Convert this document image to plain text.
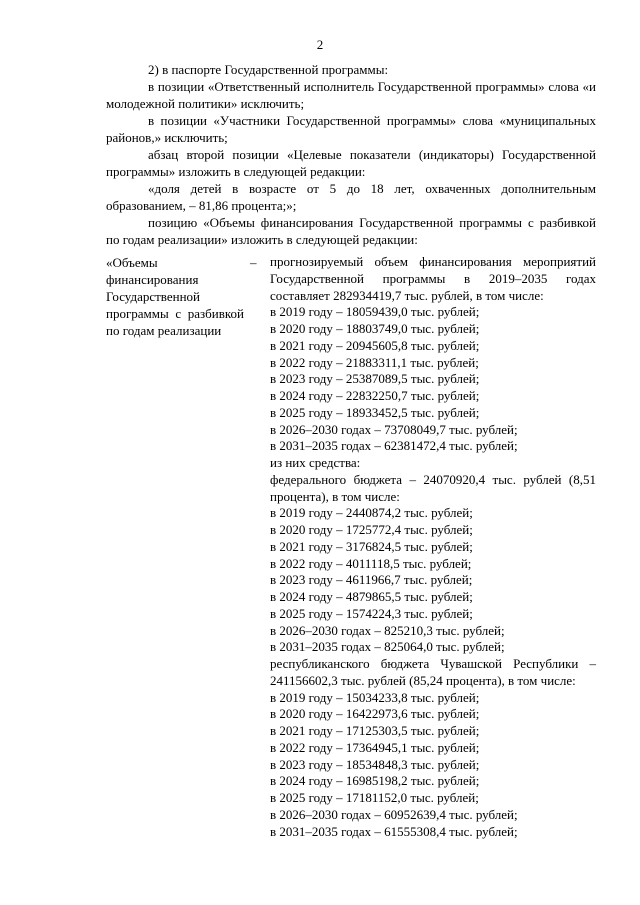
2

2) в паспорте Государственной программы:

в позиции «Ответственный исполнитель Государственной программы» слова «и молодежной политики» исключить;

в позиции «Участники Государственной программы» слова «муниципальных районов,» исключить;

абзац второй позиции «Целевые показатели (индикаторы) Государственной программы» изложить в следующей редакции:

«доля детей в возрасте от 5 до 18 лет, охваченных дополнительным образованием, – 81,86 процента;»;

позицию «Объемы финансирования Государственной программы с разбивкой по годам реализации» изложить в следующей редакции:

«Объемы финансирования Государственной программы с разбивкой по годам реализации
– прогнозируемый объем финансирования мероприятий Государственной программы в 2019–2035 годах составляет 282934419,7 тыс. рублей, в том числе:

в 2019 году – 18059439,0 тыс. рублей;

в 2020 году – 18803749,0 тыс. рублей;

в 2021 году – 20945605,8 тыс. рублей;

в 2022 году – 21883311,1 тыс. рублей;

в 2023 году – 25387089,5 тыс. рублей;

в 2024 году – 22832250,7 тыс. рублей;

в 2025 году – 18933452,5 тыс. рублей;

в 2026–2030 годах – 73708049,7 тыс. рублей;

в 2031–2035 годах – 62381472,4 тыс. рублей;

из них средства:

федерального бюджета – 24070920,4 тыс. рублей (8,51 процента), в том числе:

в 2019 году – 2440874,2 тыс. рублей;

в 2020 году – 1725772,4 тыс. рублей;

в 2021 году – 3176824,5 тыс. рублей;

в 2022 году – 4011118,5 тыс. рублей;

в 2023 году – 4611966,7 тыс. рублей;

в 2024 году – 4879865,5 тыс. рублей;

в 2025 году – 1574224,3 тыс. рублей;

в 2026–2030 годах – 825210,3 тыс. рублей;

в 2031–2035 годах – 825064,0 тыс. рублей;

республиканского бюджета Чувашской Республики – 241156602,3 тыс. рублей (85,24 процента), в том числе:

в 2019 году – 15034233,8 тыс. рублей;

в 2020 году – 16422973,6 тыс. рублей;

в 2021 году – 17125303,5 тыс. рублей;

в 2022 году – 17364945,1 тыс. рублей;

в 2023 году – 18534848,3 тыс. рублей;

в 2024 году – 16985198,2 тыс. рублей;

в 2025 году – 17181152,0 тыс. рублей;

в 2026–2030 годах – 60952639,4 тыс. рублей;

в 2031–2035 годах – 61555308,4 тыс. рублей;
